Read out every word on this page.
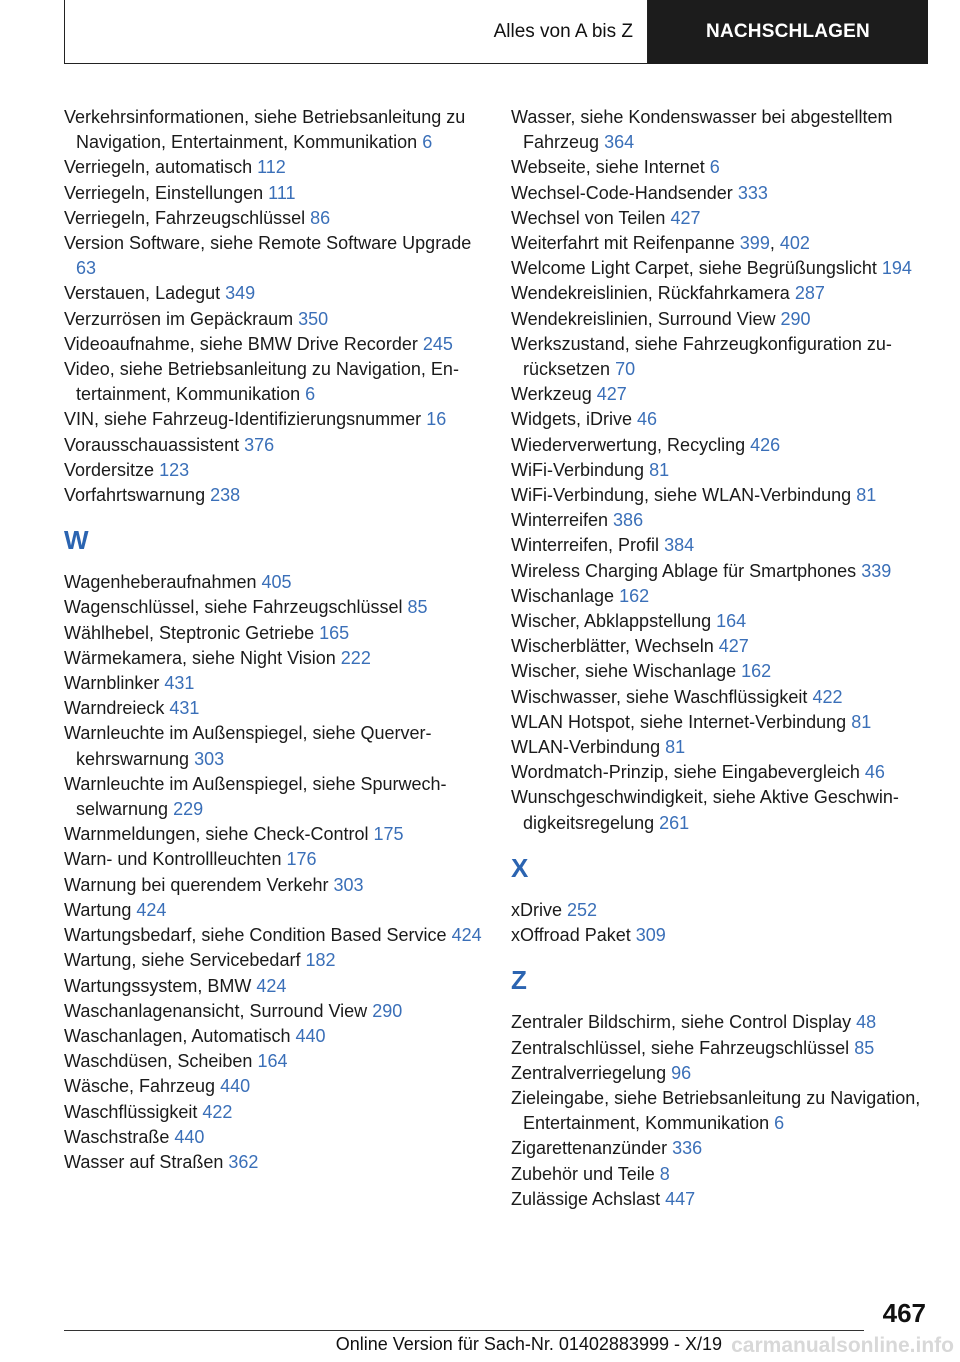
Alles von A bis Z	NACHSCHLAGEN
Verkehrsinformationen, siehe Betriebsanleitung zu Navigation, Entertainment, Kommunikation 6
Verriegeln, automatisch 112
Verriegeln, Einstellungen 111
Verriegeln, Fahrzeugschlüssel 86
Version Software, siehe Remote Software Upgrade 63
Verstauen, Ladegut 349
Verzurrösen im Gepäckraum 350
Videoaufnahme, siehe BMW Drive Recorder 245
Video, siehe Betriebsanleitung zu Navigation, Entertainment, Kommunikation 6
VIN, siehe Fahrzeug-Identifizierungsnummer 16
Vorausschauassistent 376
Vordersitze 123
Vorfahrtswarnung 238
W
Wagenheberaufnahmen 405
Wagenschlüssel, siehe Fahrzeugschlüssel 85
Wählhebel, Steptronic Getriebe 165
Wärmekamera, siehe Night Vision 222
Warnblinker 431
Warndreieck 431
Warnleuchte im Außenspiegel, siehe Querverkehrswarnung 303
Warnleuchte im Außenspiegel, siehe Spurwechselwarnung 229
Warnmeldungen, siehe Check-Control 175
Warn- und Kontrollleuchten 176
Warnung bei querendem Verkehr 303
Wartung 424
Wartungsbedarf, siehe Condition Based Service 424
Wartung, siehe Servicebedarf 182
Wartungssystem, BMW 424
Waschanlagenansicht, Surround View 290
Waschanlagen, Automatisch 440
Waschdüsen, Scheiben 164
Wäsche, Fahrzeug 440
Waschflüssigkeit 422
Waschstraße 440
Wasser auf Straßen 362
Wasser, siehe Kondenswasser bei abgestelltem Fahrzeug 364
Webseite, siehe Internet 6
Wechsel-Code-Handsender 333
Wechsel von Teilen 427
Weiterfahrt mit Reifenpanne 399, 402
Welcome Light Carpet, siehe Begrüßungslicht 194
Wendekreislinien, Rückfahrkamera 287
Wendekreislinien, Surround View 290
Werkszustand, siehe Fahrzeugkonfiguration zurücksetzen 70
Werkzeug 427
Widgets, iDrive 46
Wiederverwertung, Recycling 426
WiFi-Verbindung 81
WiFi-Verbindung, siehe WLAN-Verbindung 81
Winterreifen 386
Winterreifen, Profil 384
Wireless Charging Ablage für Smartphones 339
Wischanlage 162
Wischer, Abklappstellung 164
Wischerblätter, Wechseln 427
Wischer, siehe Wischanlage 162
Wischwasser, siehe Waschflüssigkeit 422
WLAN Hotspot, siehe Internet-Verbindung 81
WLAN-Verbindung 81
Wordmatch-Prinzip, siehe Eingabevergleich 46
Wunschgeschwindigkeit, siehe Aktive Geschwindigkeitsregelung 261
X
xDrive 252
xOffroad Paket 309
Z
Zentraler Bildschirm, siehe Control Display 48
Zentralschlüssel, siehe Fahrzeugschlüssel 85
Zentralverriegelung 96
Zieleingabe, siehe Betriebsanleitung zu Navigation, Entertainment, Kommunikation 6
Zigarettenanzünder 336
Zubehör und Teile 8
Zulässige Achslast 447
467
Online Version für Sach-Nr. 01402883999 - X/19 carmanualsonline.info
